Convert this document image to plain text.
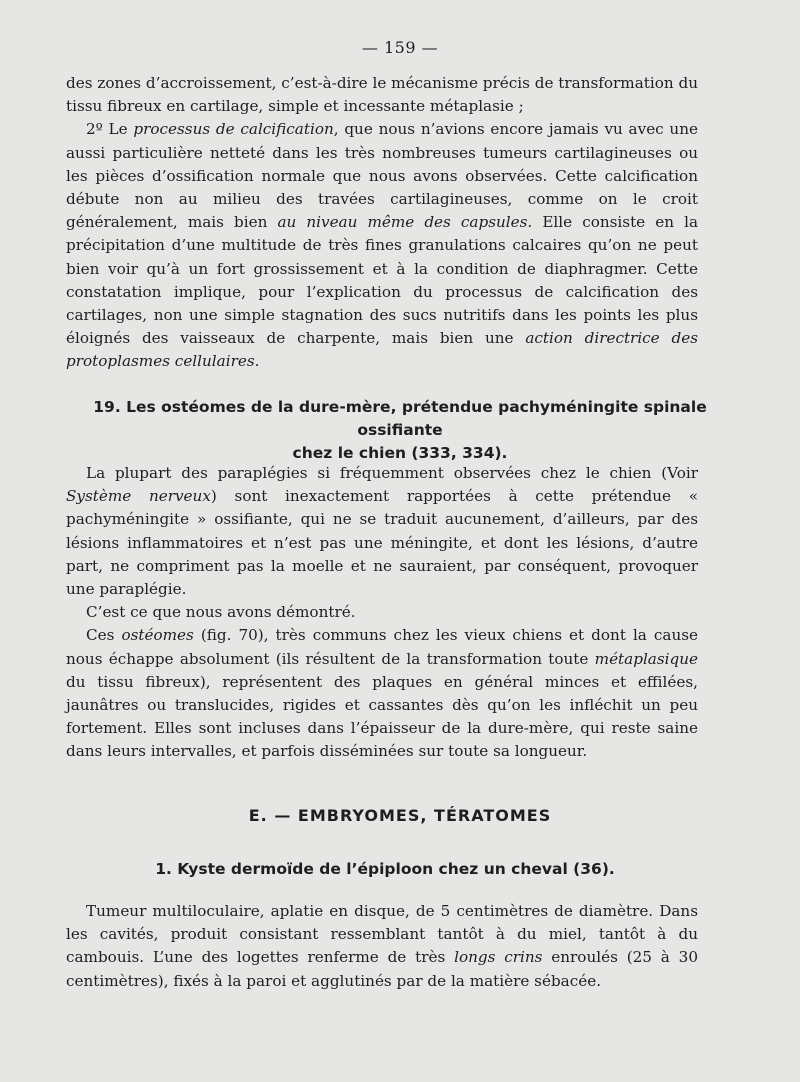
— 159 —

des zones d’accroissement, c’est-à-dire le mécanisme précis de transformation du tissu fibreux en cartilage, simple et incessante métaplasie ;

2º Le processus de calcification, que nous n’avions encore jamais vu avec une aussi particulière netteté dans les très nombreuses tumeurs cartilagineuses ou les pièces d’ossification normale que nous avons observées. Cette calcification débute non au milieu des travées cartilagineuses, comme on le croit généralement, mais bien au niveau même des capsules. Elle consiste en la précipitation d’une multitude de très fines granulations calcaires qu’on ne peut bien voir qu’à un fort grossissement et à la condition de diaphragmer. Cette constatation implique, pour l’explication du processus de calcification des cartilages, non une simple stagnation des sucs nutritifs dans les points les plus éloignés des vaisseaux de charpente, mais bien une action directrice des protoplasmes cellulaires.

19. Les ostéomes de la dure-mère, prétendue pachyméningite spinale ossifiante

chez le chien (333, 334).

La plupart des paraplégies si fréquemment observées chez le chien (Voir Système nerveux) sont inexactement rapportées à cette prétendue « pachyméningite » ossifiante, qui ne se traduit aucunement, d’ailleurs, par des lésions inflammatoires et n’est pas une méningite, et dont les lésions, d’autre part, ne compriment pas la moelle et ne sauraient, par conséquent, provoquer une paraplégie.

C’est ce que nous avons démontré.

Ces ostéomes (fig. 70), très communs chez les vieux chiens et dont la cause nous échappe absolument (ils résultent de la transformation toute métaplasique du tissu fibreux), représentent des plaques en général minces et effilées, jaunâtres ou translucides, rigides et cassantes dès qu’on les infléchit un peu fortement. Elles sont incluses dans l’épaisseur de la dure-mère, qui reste saine dans leurs intervalles, et parfois disséminées sur toute sa longueur.

E. — EMBRYOMES, TÉRATOMES

1. Kyste dermoïde de l’épiploon chez un cheval (36).

Tumeur multiloculaire, aplatie en disque, de 5 centimètres de diamètre. Dans les cavités, produit consistant ressemblant tantôt à du miel, tantôt à du cambouis. L’une des logettes renferme de très longs crins enroulés (25 à 30 centimètres), fixés à la paroi et agglutinés par de la matière sébacée.
